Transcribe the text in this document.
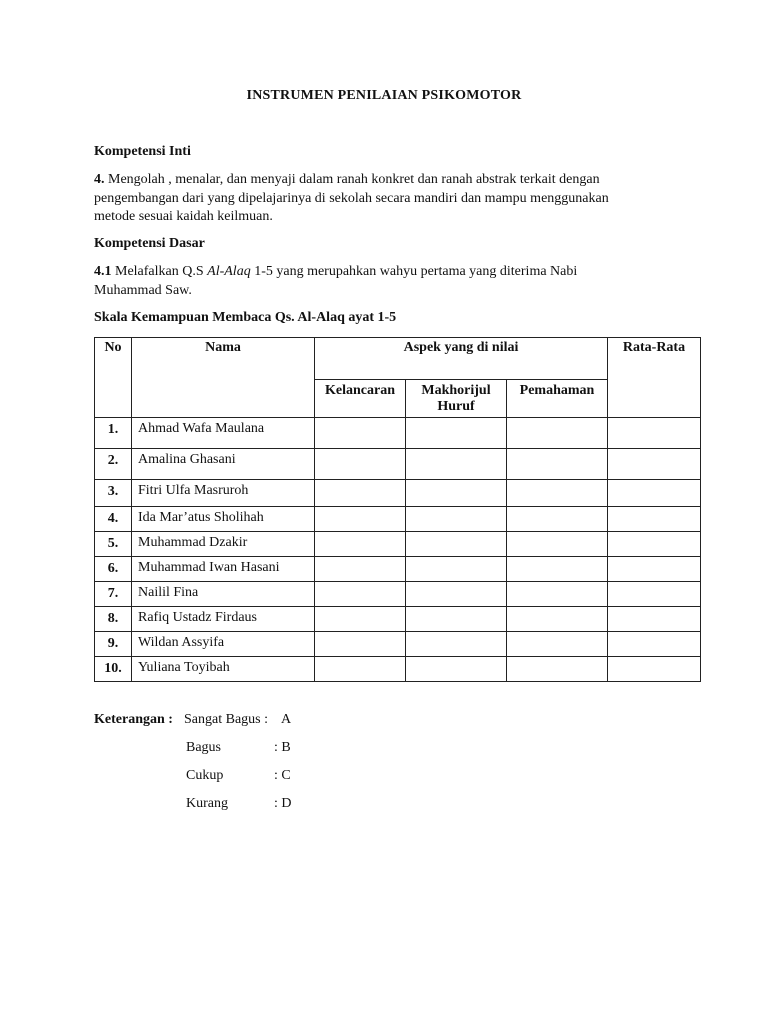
INSTRUMEN PENILAIAN PSIKOMOTOR
Kompetensi Inti
4. Mengolah , menalar, dan menyaji dalam ranah konkret dan ranah abstrak terkait dengan
pengembangan dari yang dipelajarinya di sekolah secara mandiri dan mampu menggunakan
metode sesuai kaidah keilmuan.
Kompetensi Dasar
4.1 Melafalkan Q.S Al-Alaq 1-5 yang merupahkan wahyu pertama yang diterima Nabi
Muhammad Saw.
Skala Kemampuan Membaca Qs. Al-Alaq ayat 1-5
No	Nama	Aspek yang di nilai			Rata-Rata
		Kelancaran	Makhorijul Huruf	Pemahaman	
1.	Ahmad Wafa Maulana				
2.	Amalina Ghasani				
3.	Fitri Ulfa Masruroh				
4.	Ida Mar’atus Sholihah				
5.	Muhammad Dzakir				
6.	Muhammad Iwan Hasani				
7.	Nailil Fina				
8.	Rafiq Ustadz Firdaus				
9.	Wildan Assyifa				
10.	Yuliana Toyibah				
Keterangan : Sangat Bagus : A
Bagus	: B
Cukup	: C
Kurang	: D
